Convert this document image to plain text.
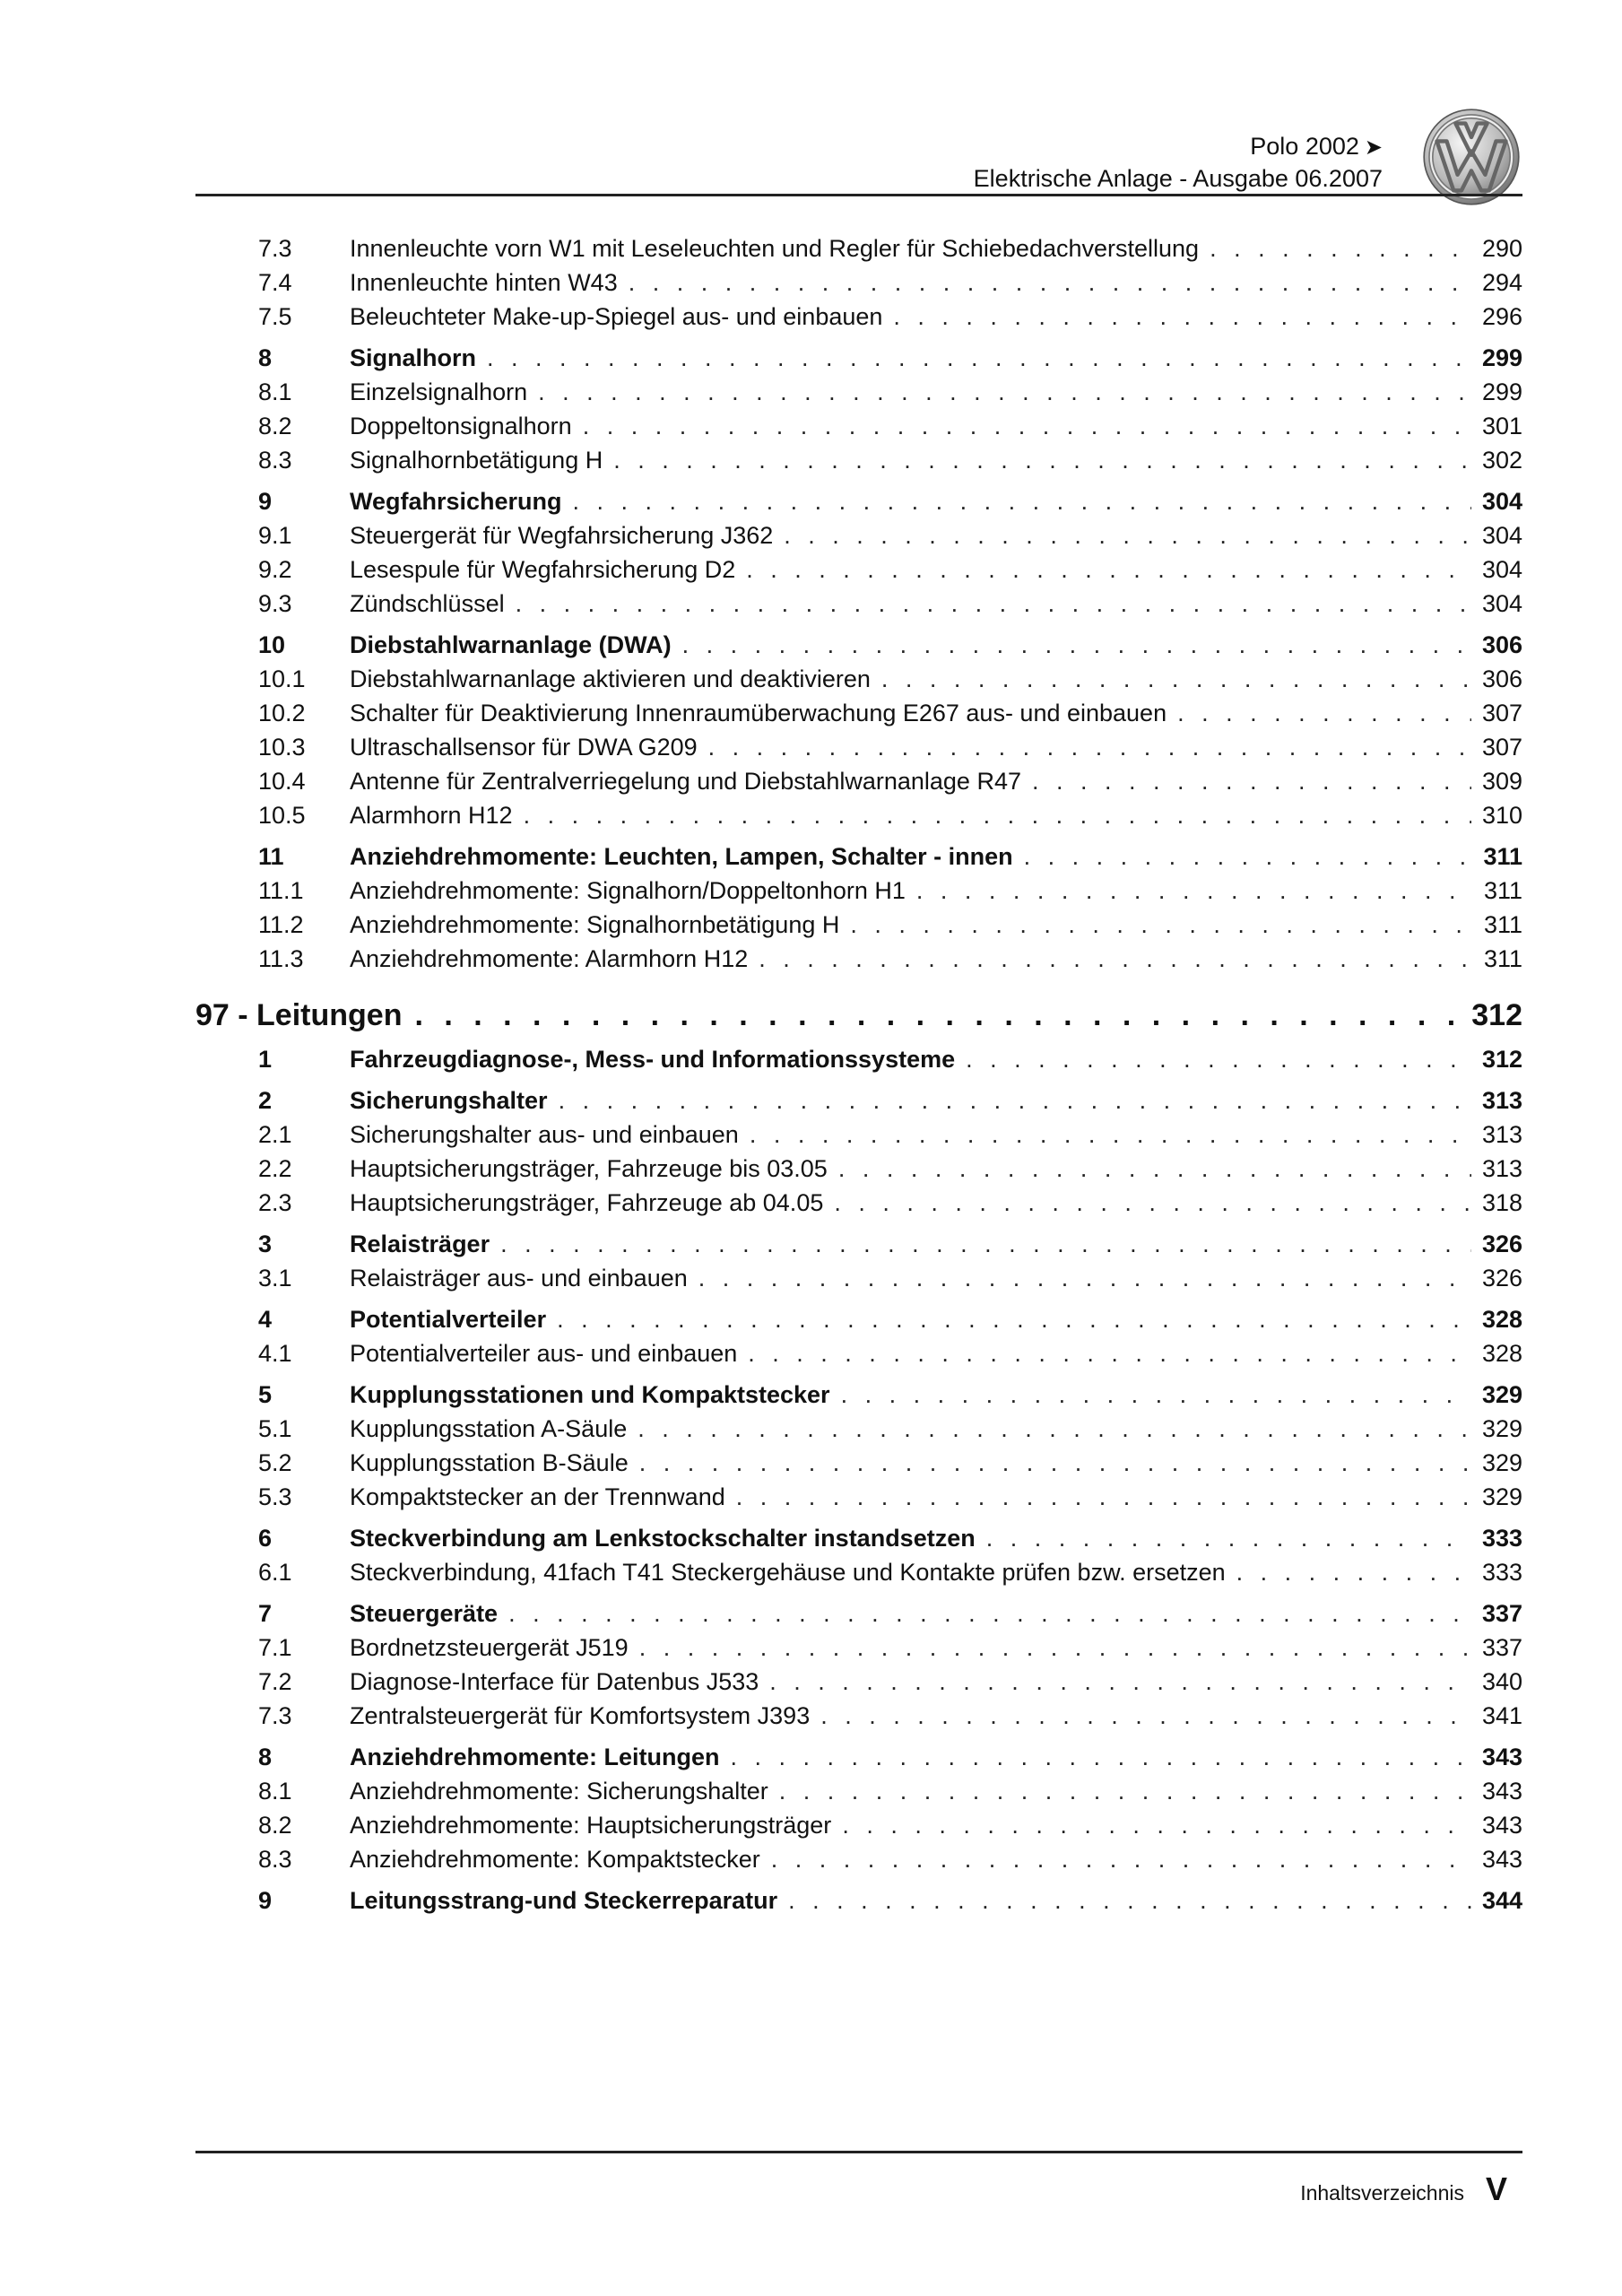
Polo 2002 ➤
Elektrische Anlage - Ausgabe 06.2007
7.3	Innenleuchte vorn W1 mit Leseleuchten und Regler für Schiebedachverstellung . . .	290
7.4	Innenleuchte hinten W43 . . .	294
7.5	Beleuchteter Make-up-Spiegel aus- und einbauen . . .	296
8	Signalhorn . . .	299
8.1	Einzelsignalhorn . . .	299
8.2	Doppeltonsignalhorn . . .	301
8.3	Signalhornbetätigung H . . .	302
9	Wegfahrsicherung . . .	304
9.1	Steuergerät für Wegfahrsicherung J362 . . .	304
9.2	Lesespule für Wegfahrsicherung D2 . . .	304
9.3	Zündschlüssel . . .	304
10	Diebstahlwarnanlage (DWA) . . .	306
10.1	Diebstahlwarnanlage aktivieren und deaktivieren . . .	306
10.2	Schalter für Deaktivierung Innenraumüberwachung E267 aus- und einbauen . . .	307
10.3	Ultraschallsensor für DWA G209 . . .	307
10.4	Antenne für Zentralverriegelung und Diebstahlwarnanlage R47 . . .	309
10.5	Alarmhorn H12 . . .	310
11	Anziehdrehmomente: Leuchten, Lampen, Schalter - innen . . .	311
11.1	Anziehdrehmomente: Signalhorn/Doppeltonhorn H1 . . .	311
11.2	Anziehdrehmomente: Signalhornbetätigung H . . .	311
11.3	Anziehdrehmomente: Alarmhorn H12 . . .	311
97 - Leitungen . . .	312
1	Fahrzeugdiagnose-, Mess- und Informationssysteme . . .	312
2	Sicherungshalter . . .	313
2.1	Sicherungshalter aus- und einbauen . . .	313
2.2	Hauptsicherungsträger, Fahrzeuge bis 03.05 . . .	313
2.3	Hauptsicherungsträger, Fahrzeuge ab 04.05 . . .	318
3	Relaisträger . . .	326
3.1	Relaisträger aus- und einbauen . . .	326
4	Potentialverteiler . . .	328
4.1	Potentialverteiler aus- und einbauen . . .	328
5	Kupplungsstationen und Kompaktstecker . . .	329
5.1	Kupplungsstation A-Säule . . .	329
5.2	Kupplungsstation B-Säule . . .	329
5.3	Kompaktstecker an der Trennwand . . .	329
6	Steckverbindung am Lenkstockschalter instandsetzen . . .	333
6.1	Steckverbindung, 41fach T41 Steckergehäuse und Kontakte prüfen bzw. ersetzen . . .	333
7	Steuergeräte . . .	337
7.1	Bordnetzsteuergerät J519 . . .	337
7.2	Diagnose-Interface für Datenbus J533 . . .	340
7.3	Zentralsteuergerät für Komfortsystem J393 . . .	341
8	Anziehdrehmomente: Leitungen . . .	343
8.1	Anziehdrehmomente: Sicherungshalter . . .	343
8.2	Anziehdrehmomente: Hauptsicherungsträger . . .	343
8.3	Anziehdrehmomente: Kompaktstecker . . .	343
9	Leitungsstrang-und Steckerreparatur . . .	344
Inhaltsverzeichnis V
